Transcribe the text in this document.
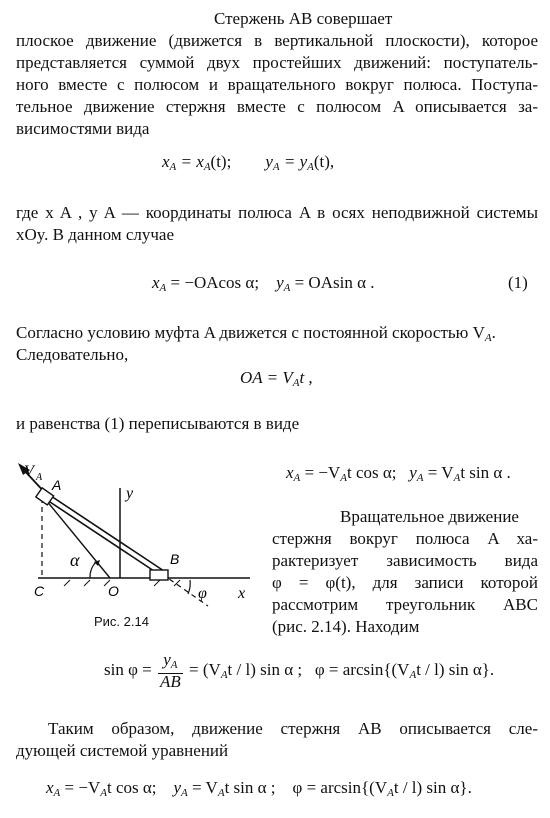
Стержень AB совершает
плоское движение (движется в вертикальной плоскости), которое
представляется суммой двух простейших движений: поступатель-
ного вместе с полюсом и вращательного вокруг полюса. Поступа-
тельное движение стержня вместе с полюсом A описывается за-
висимостями вида
$x_A = x_A(t)$; $y_A = y_A(t)$,
где x A , y A — координаты полюса A в осях неподвижной системы
xOy. В данном случае
$x_A = -OAcos$ α; $y_A = OAsin$ α .	(1)
Согласно условию муфта A движется с постоянной скоростью $V_A$.
Следовательно,
OA = $V_At$ ,
и равенства (1) переписываются в виде
$x_A = -V_At$ cos α; $y_A = V_At$ sin α .
V A A	y
α	B
φ
C	O	x
Рис. 2.14
Вращательное движение
стержня вокруг полюса A ха-
рактеризует зависимость вида
φ = φ(t), для записи которой
рассмотрим треугольник ABC
(рис. 2.14). Находим
$\sin \varphi = \frac{y_A}{AB} = (V_At / l)$ sin α ; $\varphi = \arcsin\{(V_At / l)$ sin α}.
Таким образом, движение стержня AB описывается сле-
дующей системой уравнений
$x_A = -V_At$ cos α; $y_A = V_At$ sin α ; $\varphi = \arcsin\{(V_At / l)$ sin α}.
